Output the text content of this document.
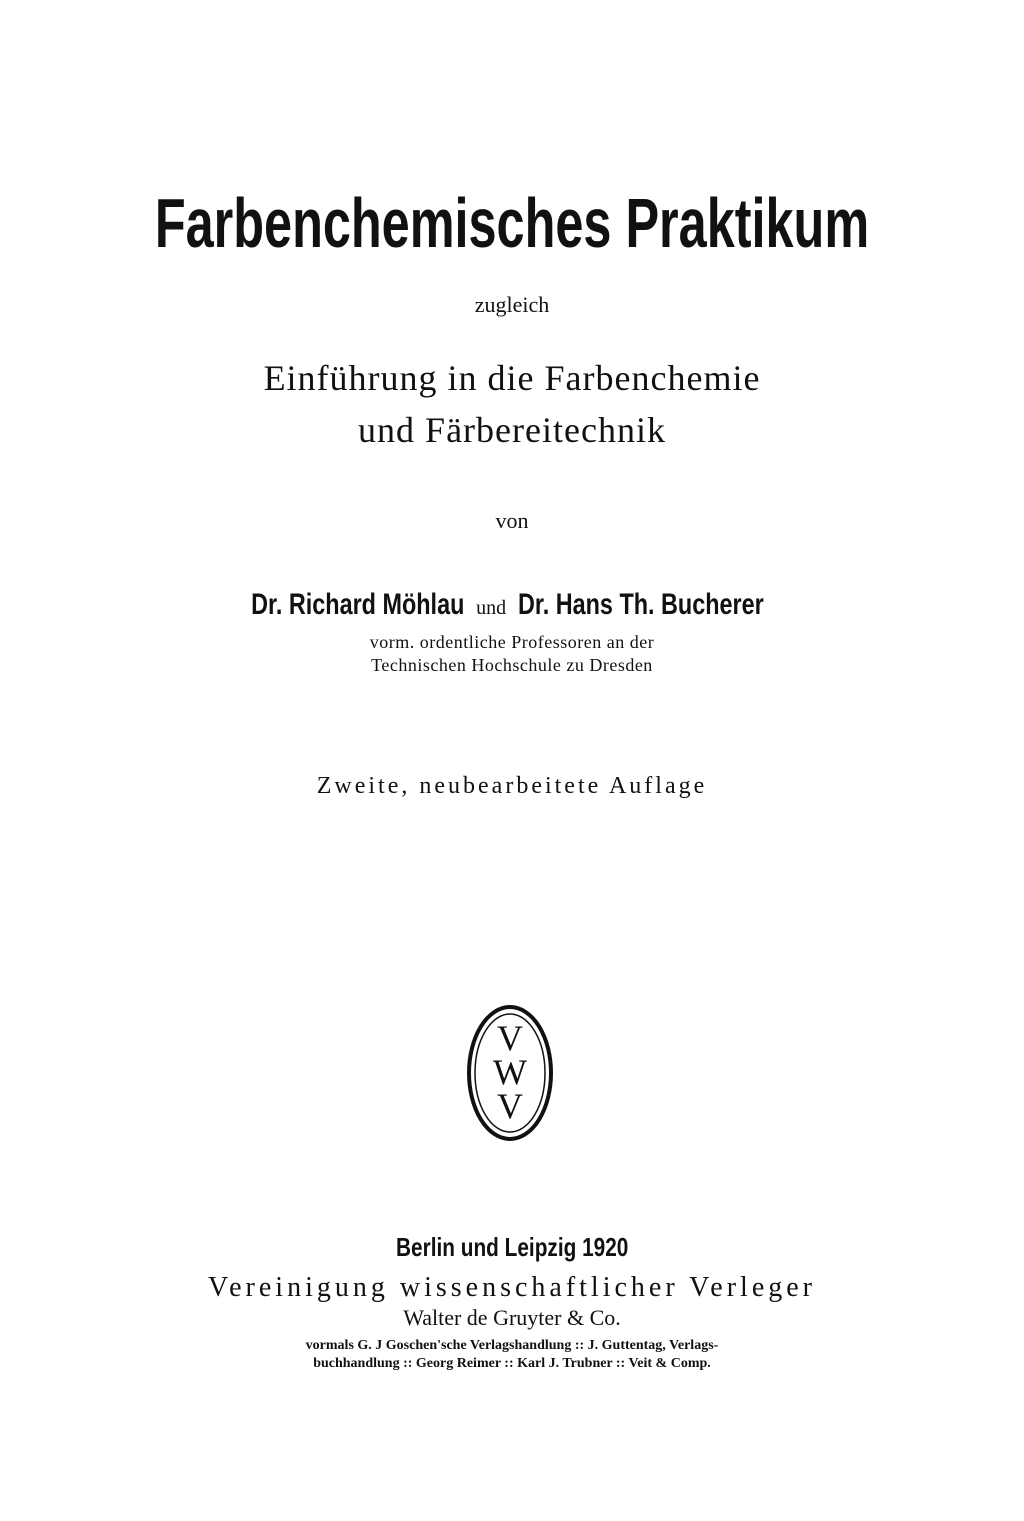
Farbenchemisches Praktikum
zugleich
Einführung in die Farbenchemie
und Färbereitechnik
von
Dr. Richard Möhlau und Dr. Hans Th. Bucherer
vorm. ordentliche Professoren an der
Technischen Hochschule zu Dresden
Zweite, neubearbeitete Auflage
V
W
V
Berlin und Leipzig 1920
Vereinigung wissenschaftlicher Verleger
Walter de Gruyter & Co.
vormals G. J Goschen'sche Verlagshandlung :: J. Guttentag, Verlags-
buchhandlung :: Georg Reimer :: Karl J. Trubner :: Veit & Comp.
